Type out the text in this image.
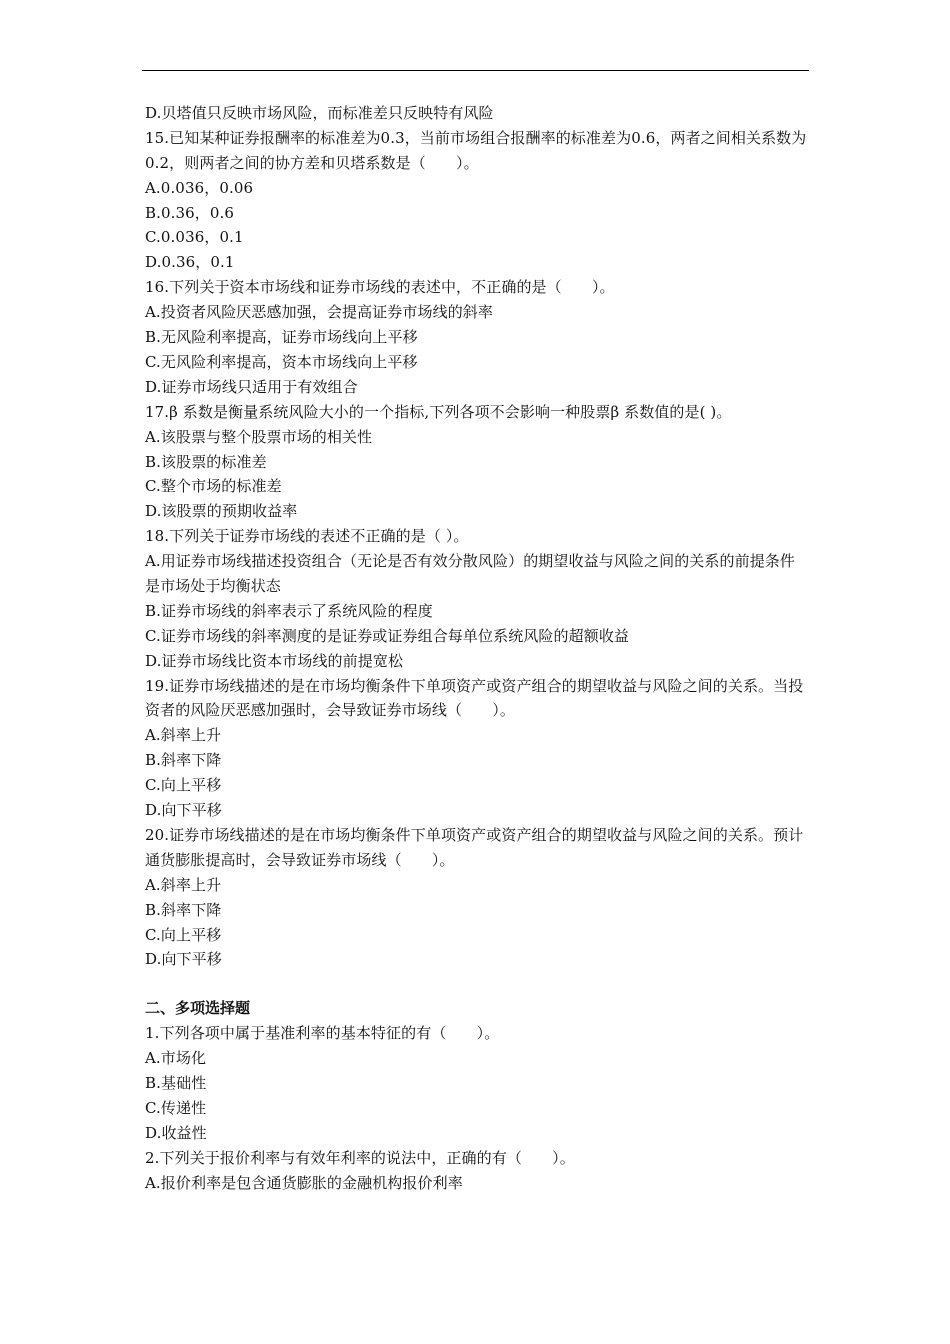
D.贝塔值只反映市场风险，而标准差只反映特有风险
15.已知某种证券报酬率的标准差为0.3，当前市场组合报酬率的标准差为0.6，两者之间相关系数为0.2，则两者之间的协方差和贝塔系数是（　　）。
A.0.036，0.06
B.0.36，0.6
C.0.036，0.1
D.0.36，0.1
16.下列关于资本市场线和证券市场线的表述中，不正确的是（　　）。
A.投资者风险厌恶感加强，会提高证券市场线的斜率
B.无风险利率提高，证券市场线向上平移
C.无风险利率提高，资本市场线向上平移
D.证券市场线只适用于有效组合
17.β 系数是衡量系统风险大小的一个指标,下列各项不会影响一种股票β 系数值的是( )。
A.该股票与整个股票市场的相关性
B.该股票的标准差
C.整个市场的标准差
D.该股票的预期收益率
18.下列关于证券市场线的表述不正确的是（ ）。
A.用证券市场线描述投资组合（无论是否有效分散风险）的期望收益与风险之间的关系的前提条件是市场处于均衡状态
B.证券市场线的斜率表示了系统风险的程度
C.证券市场线的斜率测度的是证券或证券组合每单位系统风险的超额收益
D.证券市场线比资本市场线的前提宽松
19.证券市场线描述的是在市场均衡条件下单项资产或资产组合的期望收益与风险之间的关系。当投资者的风险厌恶感加强时，会导致证券市场线（　　）。
A.斜率上升
B.斜率下降
C.向上平移
D.向下平移
20.证券市场线描述的是在市场均衡条件下单项资产或资产组合的期望收益与风险之间的关系。预计通货膨胀提高时，会导致证券市场线（　　）。
A.斜率上升
B.斜率下降
C.向上平移
D.向下平移
二、多项选择题
1.下列各项中属于基准利率的基本特征的有（　　）。
A.市场化
B.基础性
C.传递性
D.收益性
2.下列关于报价利率与有效年利率的说法中，正确的有（　　）。
A.报价利率是包含通货膨胀的金融机构报价利率
